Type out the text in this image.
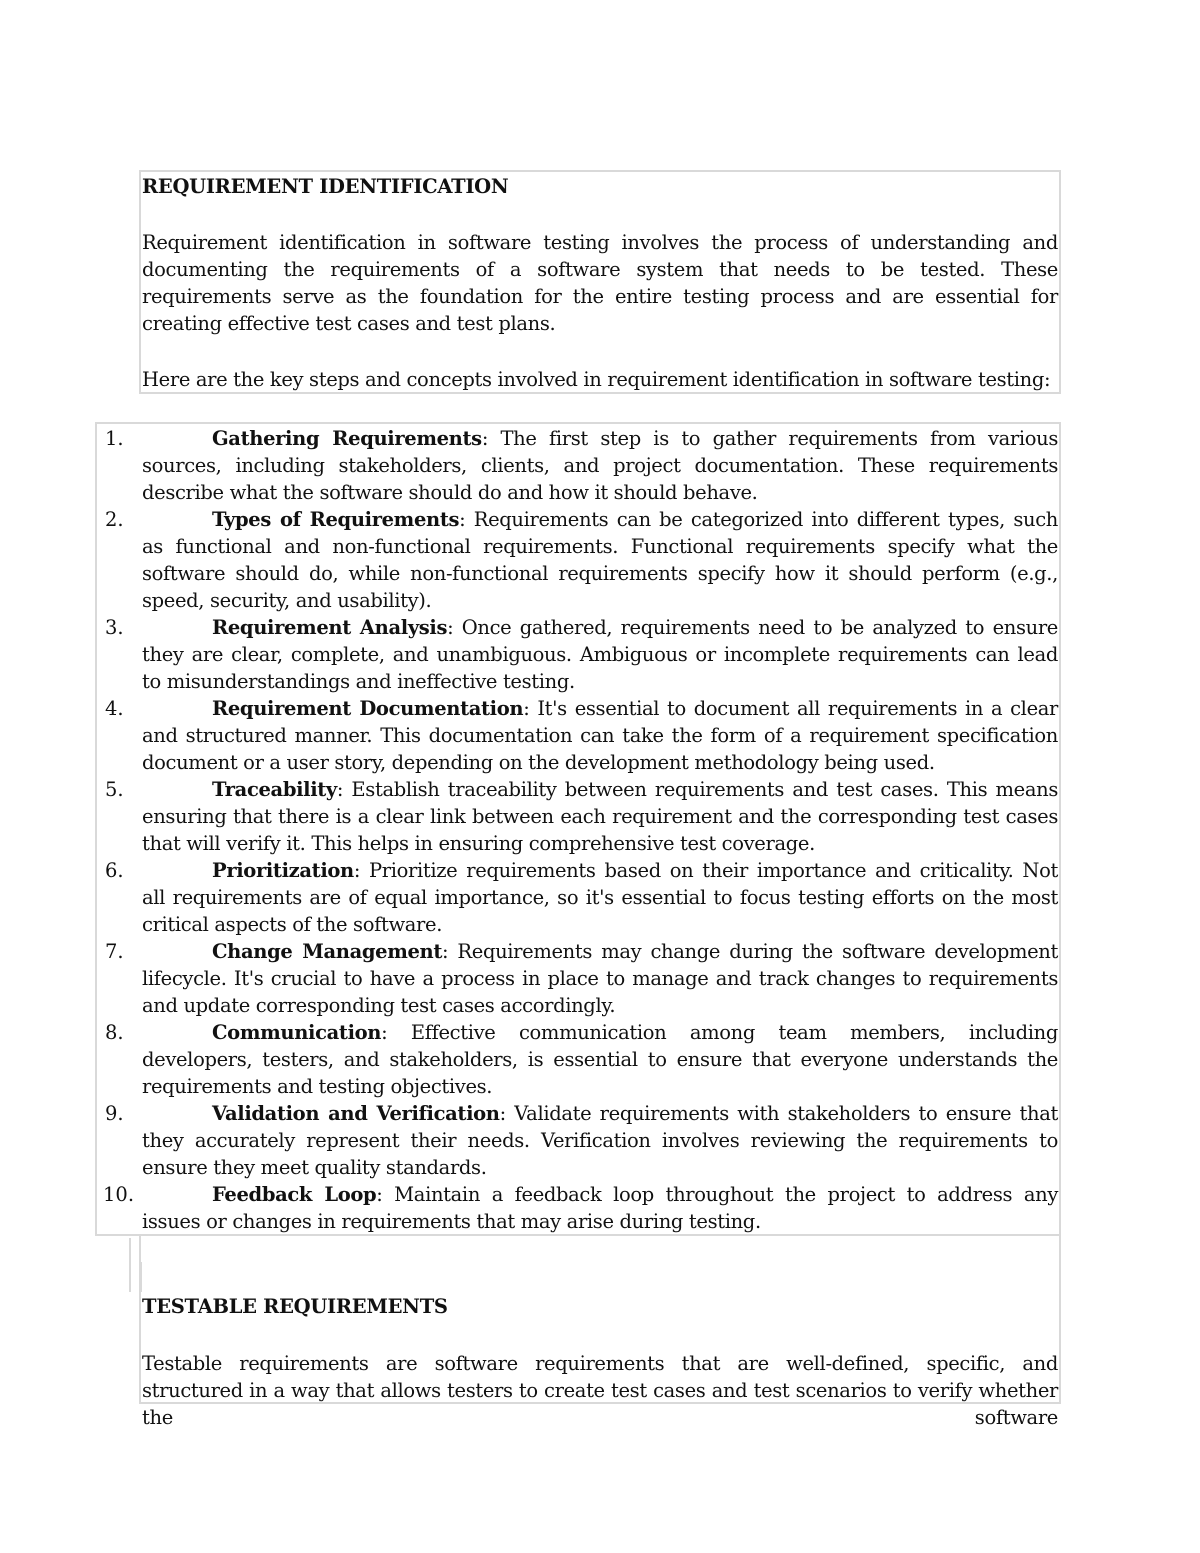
REQUIREMENT IDENTIFICATION
Requirement identification in software testing involves the process of understanding and documenting the requirements of a software system that needs to be tested. These requirements serve as the foundation for the entire testing process and are essential for creating effective test cases and test plans.
Here are the key steps and concepts involved in requirement identification in software testing:
1.	Gathering Requirements: The first step is to gather requirements from various sources, including stakeholders, clients, and project documentation. These requirements describe what the software should do and how it should behave.
2.	Types of Requirements: Requirements can be categorized into different types, such as functional and non-functional requirements. Functional requirements specify what the software should do, while non-functional requirements specify how it should perform (e.g., speed, security, and usability).
3.	Requirement Analysis: Once gathered, requirements need to be analyzed to ensure they are clear, complete, and unambiguous. Ambiguous or incomplete requirements can lead to misunderstandings and ineffective testing.
4.	Requirement Documentation: It's essential to document all requirements in a clear and structured manner. This documentation can take the form of a requirement specification document or a user story, depending on the development methodology being used.
5.	Traceability: Establish traceability between requirements and test cases. This means ensuring that there is a clear link between each requirement and the corresponding test cases that will verify it. This helps in ensuring comprehensive test coverage.
6.	Prioritization: Prioritize requirements based on their importance and criticality. Not all requirements are of equal importance, so it's essential to focus testing efforts on the most critical aspects of the software.
7.	Change Management: Requirements may change during the software development lifecycle. It's crucial to have a process in place to manage and track changes to requirements and update corresponding test cases accordingly.
8.	Communication: Effective communication among team members, including developers, testers, and stakeholders, is essential to ensure that everyone understands the requirements and testing objectives.
9.	Validation and Verification: Validate requirements with stakeholders to ensure that they accurately represent their needs. Verification involves reviewing the requirements to ensure they meet quality standards.
10.	Feedback Loop: Maintain a feedback loop throughout the project to address any issues or changes in requirements that may arise during testing.
TESTABLE REQUIREMENTS
Testable requirements are software requirements that are well-defined, specific, and structured in a way that allows testers to create test cases and test scenarios to verify whether the software
